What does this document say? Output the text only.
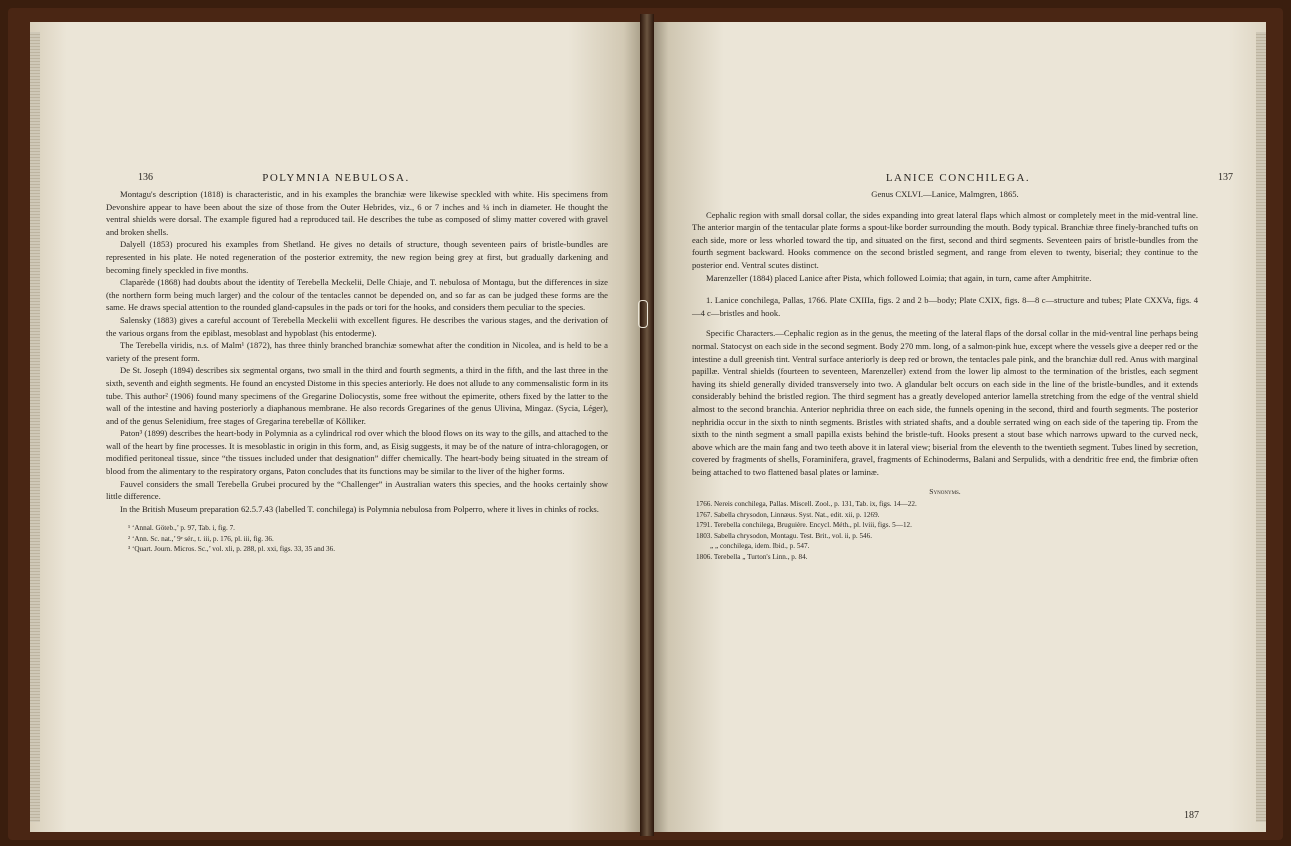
136	POLYMNIA NEBULOSA.

Montagu's description (1818) is characteristic, and in his examples the branchiæ were likewise speckled with white. His specimens from Devonshire appear to have been about the size of those from the Outer Hebrides, viz., 6 or 7 inches and ¼ inch in diameter. He thought the ventral shields were dorsal. The example figured had a reproduced tail. He describes the tube as composed of slimy matter covered with gravel and broken shells.

Dalyell (1853) procured his examples from Shetland. He gives no details of structure, though seventeen pairs of bristle-bundles are represented in his plate. He noted regeneration of the posterior extremity, the new region being grey at first, but gradually darkening and becoming finely speckled in five months.

Claparède (1868) had doubts about the identity of Terebella Meckelii, Delle Chiaje, and T. nebulosa of Montagu, but the differences in size (the northern form being much larger) and the colour of the tentacles cannot be depended on, and so far as can be judged these forms are the same. He draws special attention to the rounded gland-capsules in the pads or tori for the hooks, and considers them peculiar to the species.

Salensky (1883) gives a careful account of Terebella Meckelii with excellent figures. He describes the various stages, and the derivation of the various organs from the epiblast, mesoblast and hypoblast (his entoderme).

The Terebella viridis, n.s. of Malm¹ (1872), has three thinly branched branchiæ somewhat after the condition in Nicolea, and is held to be a variety of the present form.

De St. Joseph (1894) describes six segmental organs, two small in the third and fourth segments, a third in the fifth, and the last three in the sixth, seventh and eighth segments. He found an encysted Distome in this species anteriorly. He does not allude to any commensalistic form in its tube. This author² (1906) found many specimens of the Gregarine Doliocystis, some free without the epimerite, others fixed by the latter to the wall of the intestine and having posteriorly a diaphanous membrane. He also records Gregarines of the genus Ulivina, Mingaz. (Sycia, Léger), and of the genus Selenidium, free stages of Gregarina terebellæ of Kölliker.

Paton³ (1899) describes the heart-body in Polymnia as a cylindrical rod over which the blood flows on its way to the gills, and attached to the wall of the heart by fine processes. It is mesoblastic in origin in this form, and, as Eisig suggests, it may be of the nature of intra-chloragogen, or modified peritoneal tissue, since “the tissues included under that designation” differ chemically. The heart-body being situated in the stream of blood from the alimentary to the respiratory organs, Paton concludes that its functions may be similar to the liver of the higher forms.

Fauvel considers the small Terebella Grubei procured by the “Challenger” in Australian waters this species, and the hooks certainly show little difference.

In the British Museum preparation 62.5.7.43 (labelled T. conchilega) is Polymnia nebulosa from Polperro, where it lives in chinks of rocks.

¹ ‘Annal. Göteb.,’ p. 97, Tab. i, fig. 7.

² ‘Ann. Sc. nat.,’ 9ᵉ sér., t. iii, p. 176, pl. iii, fig. 36.

³ ‘Quart. Journ. Micros. Sc.,’ vol. xli, p. 288, pl. xxi, figs. 33, 35 and 36.

LANICE CONCHILEGA.	137

Genus CXLVI.—Lanice, Malmgren, 1865.

Cephalic region with small dorsal collar, the sides expanding into great lateral flaps which almost or completely meet in the mid-ventral line. The anterior margin of the tentacular plate forms a spout-like border surrounding the mouth. Body typical. Branchiæ three finely-branched tufts on each side, more or less whorled toward the tip, and situated on the first, second and third segments. Seventeen pairs of bristle-bundles from the fourth segment backward. Hooks commence on the second bristled segment, and range from eleven to twenty, biserial; they continue to the posterior end. Ventral scutes distinct.

Marenzeller (1884) placed Lanice after Pista, which followed Loimia; that again, in turn, came after Amphitrite.

1. Lanice conchilega, Pallas, 1766. Plate CXIIIa, figs. 2 and 2 b—body; Plate CXIX, figs. 8—8 c—structure and tubes; Plate CXXVa, figs. 4—4 c—bristles and hook.

Specific Characters.—Cephalic region as in the genus, the meeting of the lateral flaps of the dorsal collar in the mid-ventral line perhaps being normal. Statocyst on each side in the second segment. Body 270 mm. long, of a salmon-pink hue, except where the vessels give a deeper red or the intestine a dull greenish tint. Ventral surface anteriorly is deep red or brown, the tentacles pale pink, and the branchiæ dull red. Anus with marginal papillæ. Ventral shields (fourteen to seventeen, Marenzeller) extend from the lower lip almost to the termination of the bristles, each segment having its shield generally divided transversely into two. A glandular belt occurs on each side in the line of the bristle-bundles, and it extends considerably behind the bristled region. The third segment has a greatly developed anterior lamella stretching from the edge of the ventral shield almost to the second branchia. Anterior nephridia three on each side, the funnels opening in the second, third and fourth segments. The posterior nephridia occur in the sixth to ninth segments. Bristles with striated shafts, and a double serrated wing on each side of the tapering tip. From the sixth to the ninth segment a small papilla exists behind the bristle-tuft. Hooks present a stout base which narrows upward to the curved neck, above which are the main fang and two teeth above it in lateral view; biserial from the eleventh to the twentieth segment. Tubes lined by secretion, covered by fragments of shells, Foraminifera, gravel, fragments of Echinoderms, Balani and Serpulids, with a dendritic free end, the fimbriæ often being attached to two flattened basal plates or laminæ.

Synonyms.

1766. Nereis conchilega, Pallas. Miscell. Zool., p. 131, Tab. ix, figs. 14—22.

1767. Sabella chrysodon, Linnæus. Syst. Nat., edit. xii, p. 1269.

1791. Terebella conchilega, Bruguière. Encycl. Méth., pl. lviii, figs. 5—12.

1803. Sabella chrysodon, Montagu. Test. Brit., vol. ii, p. 546.

„ „ conchilega, idem. Ibid., p. 547.

1806. Terebella „ Turton's Linn., p. 84.

187
